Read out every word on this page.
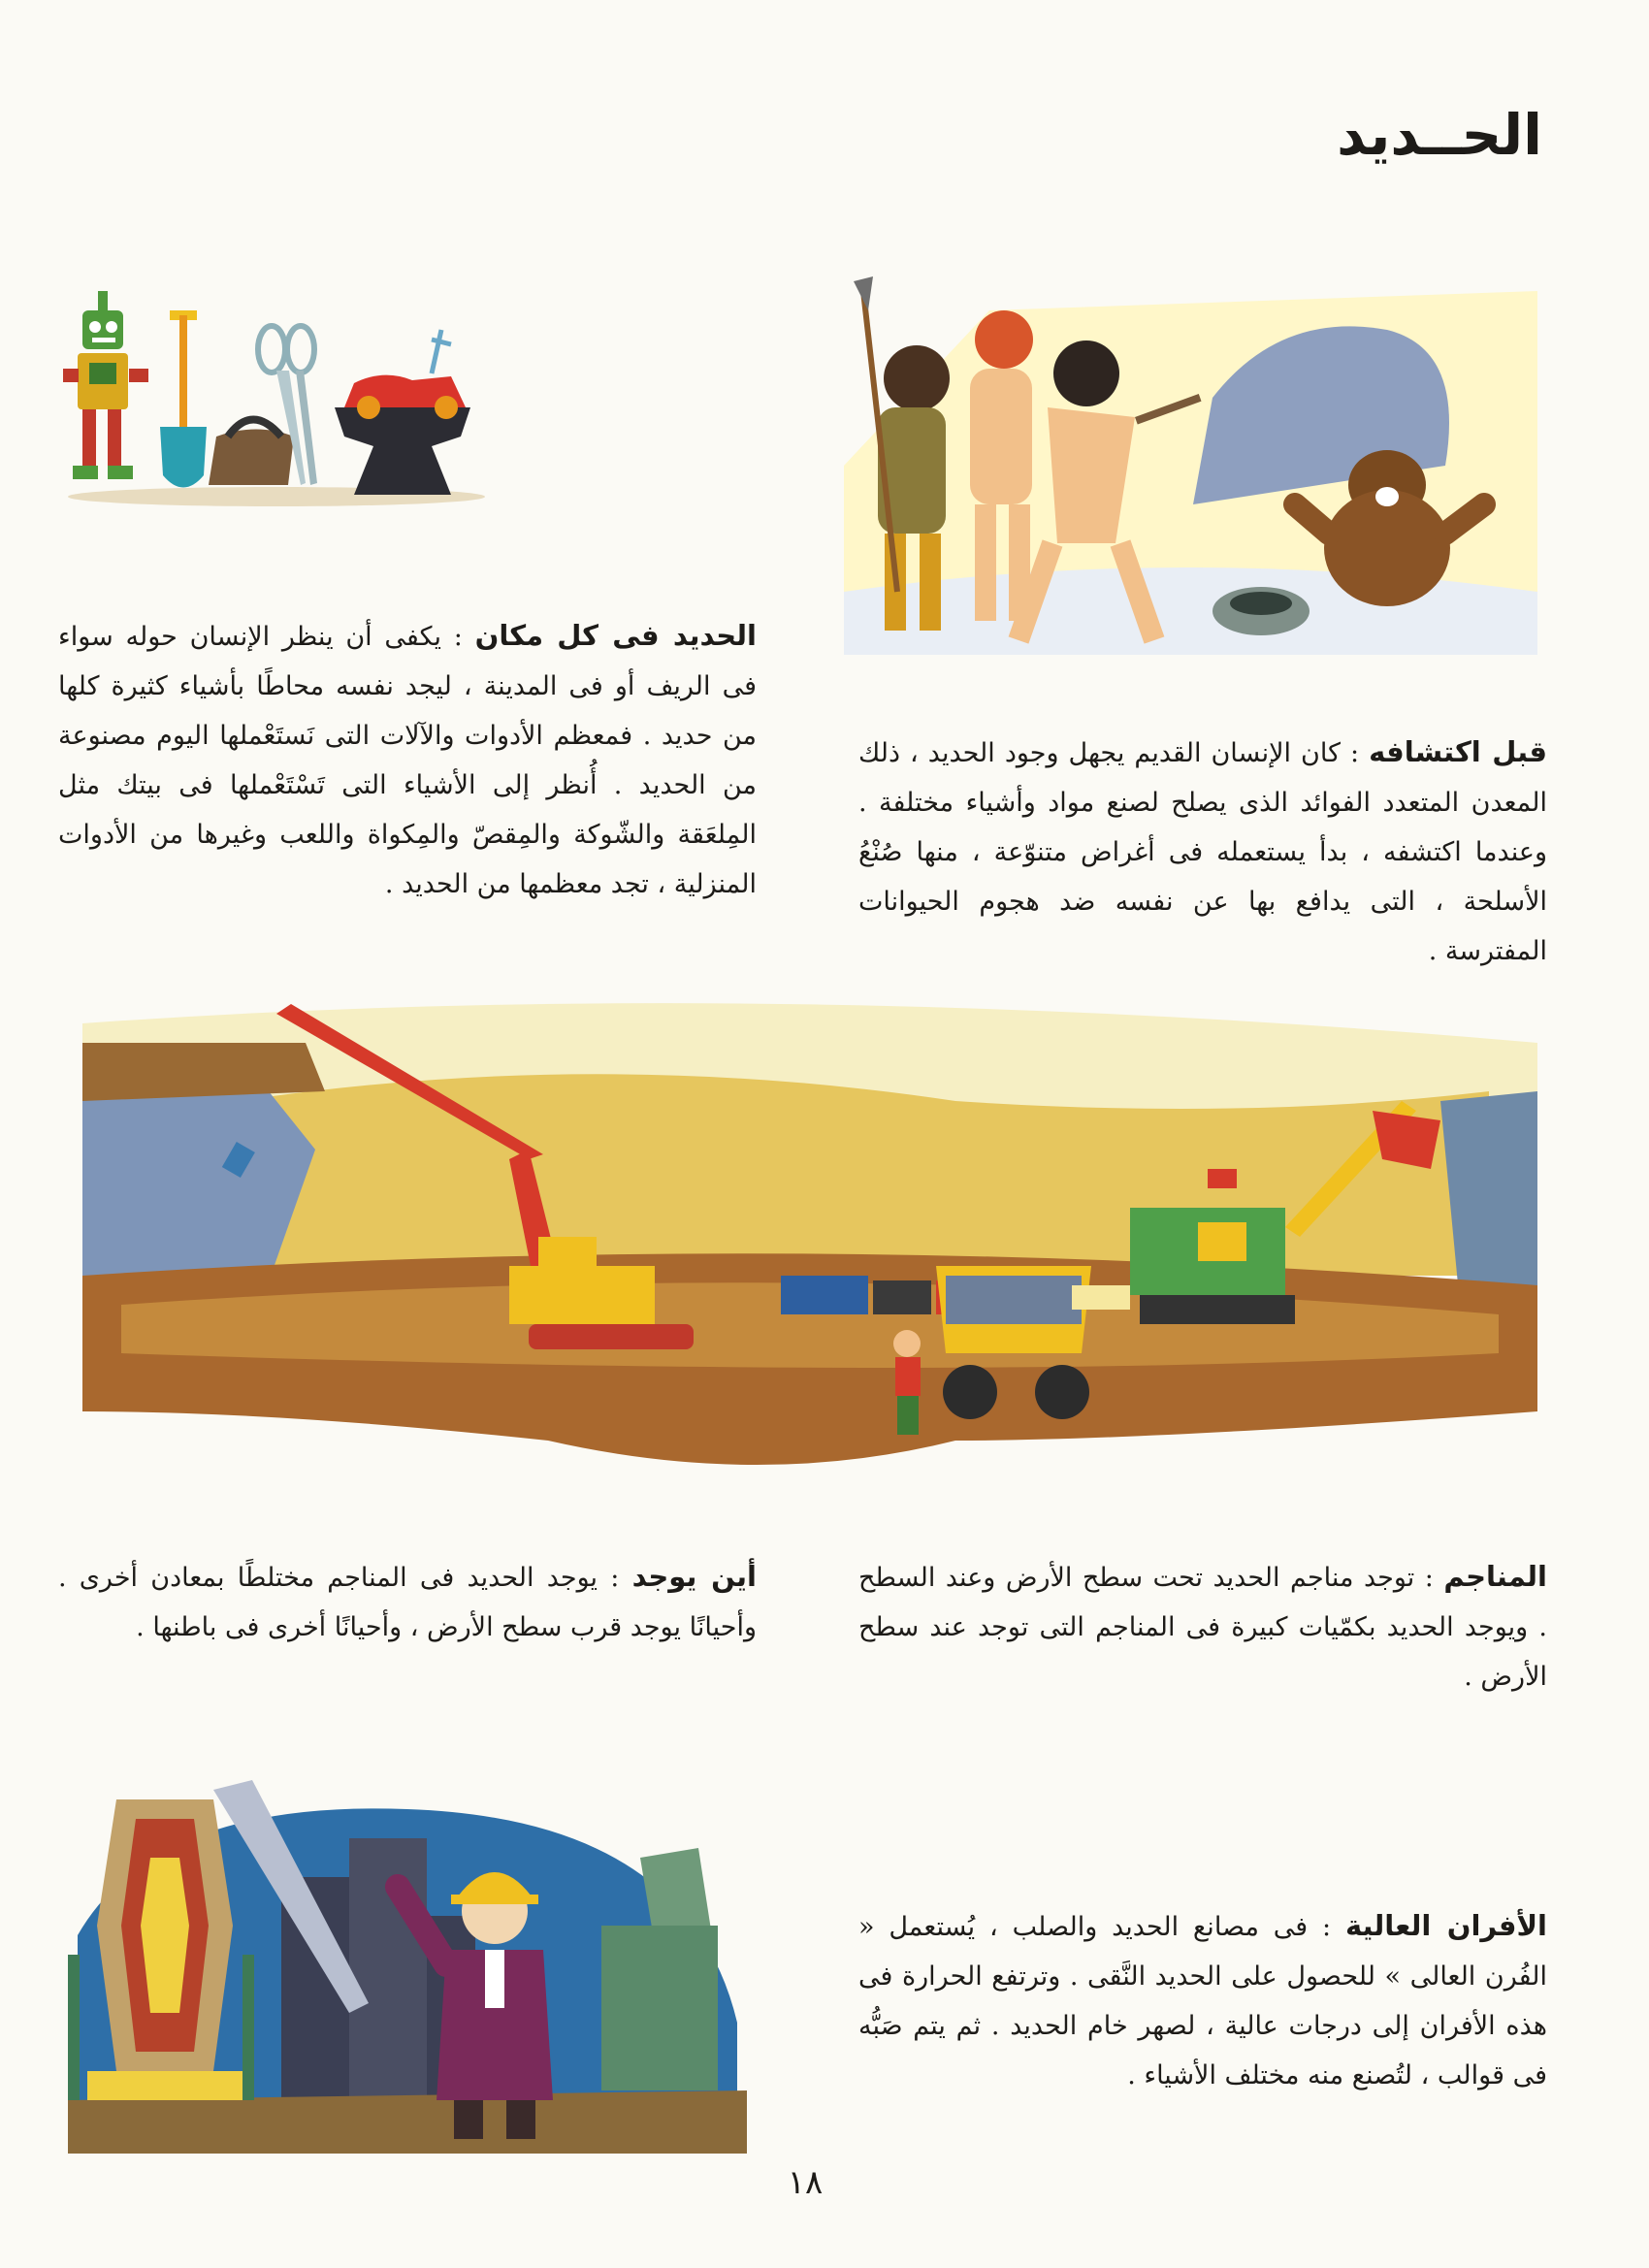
الحــديد
الحديد فى كل مكان : يكفى أن ينظر الإنسان حوله سواء فى الريف أو فى المدينة ، ليجد نفسه محاطًا بأشياء كثيرة كلها من حديد . فمعظم الأدوات والآلات التى نَستَعْملها اليوم مصنوعة من الحديد . أُنظر إلى الأشياء التى تَسْتَعْملها فى بيتك مثل المِلعَقة والشّوكة والمِقصّ والمِكواة واللعب وغيرها من الأدوات المنزلية ، تجد معظمها من الحديد .
قبل اكتشافه : كان الإنسان القديم يجهل وجود الحديد ، ذلك المعدن المتعدد الفوائد الذى يصلح لصنع مواد وأشياء مختلفة . وعندما اكتشفه ، بدأ يستعمله فى أغراض متنوّعة ، منها صُنْعُ الأسلحة ، التى يدافع بها عن نفسه ضد هجوم الحيوانات المفترسة .
أين يوجد : يوجد الحديد فى المناجم مختلطًا بمعادن أخرى . وأحيانًا يوجد قرب سطح الأرض ، وأحيانًا أخرى فى باطنها .
المناجم : توجد مناجم الحديد تحت سطح الأرض وعند السطح . ويوجد الحديد بكمّيات كبيرة فى المناجم التى توجد عند سطح الأرض .
الأفران العالية : فى مصانع الحديد والصلب ، يُستعمل « الفُرن العالى » للحصول على الحديد النَّقى . وترتفع الحرارة فى هذه الأفران إلى درجات عالية ، لصهر خام الحديد . ثم يتم صَبُّه فى قوالب ، لتُصنع منه مختلف الأشياء .
١٨
